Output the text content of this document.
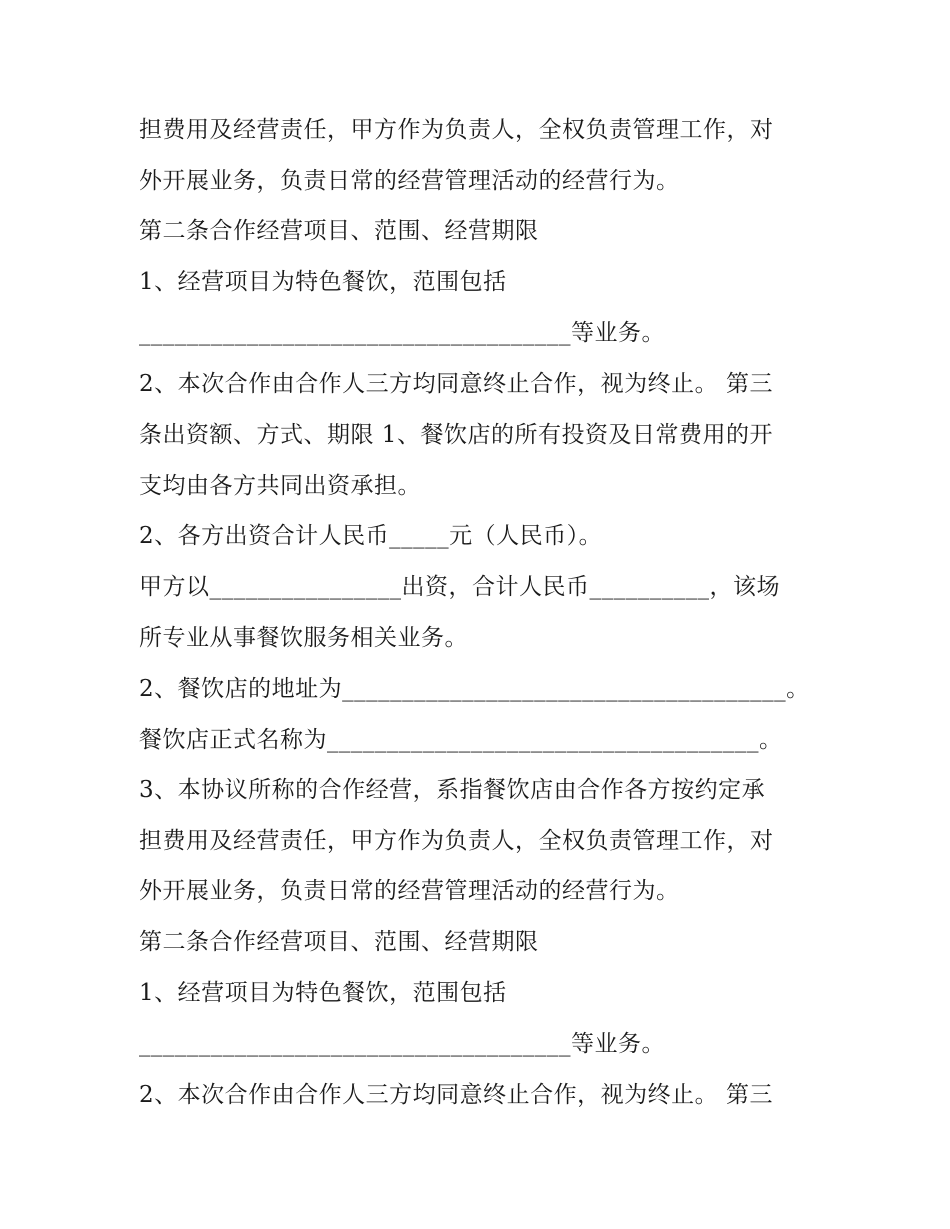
担费用及经营责任，甲方作为负责人，全权负责管理工作，对

外开展业务，负责日常的经营管理活动的经营行为。

第二条合作经营项目、范围、经营期限

1、经营项目为特色餐饮，范围包括

____________________________________等业务。

2、本次合作由合作人三方均同意终止合作，视为终止。 第三

条出资额、方式、期限 1、餐饮店的所有投资及日常费用的开

支均由各方共同出资承担。

2、各方出资合计人民币_____元（人民币）。

甲方以________________出资，合计人民币__________，该场

所专业从事餐饮服务相关业务。

2、餐饮店的地址为_____________________________________。

餐饮店正式名称为____________________________________。

3、本协议所称的合作经营，系指餐饮店由合作各方按约定承

担费用及经营责任，甲方作为负责人，全权负责管理工作，对

外开展业务，负责日常的经营管理活动的经营行为。

第二条合作经营项目、范围、经营期限

1、经营项目为特色餐饮，范围包括

____________________________________等业务。

2、本次合作由合作人三方均同意终止合作，视为终止。 第三
